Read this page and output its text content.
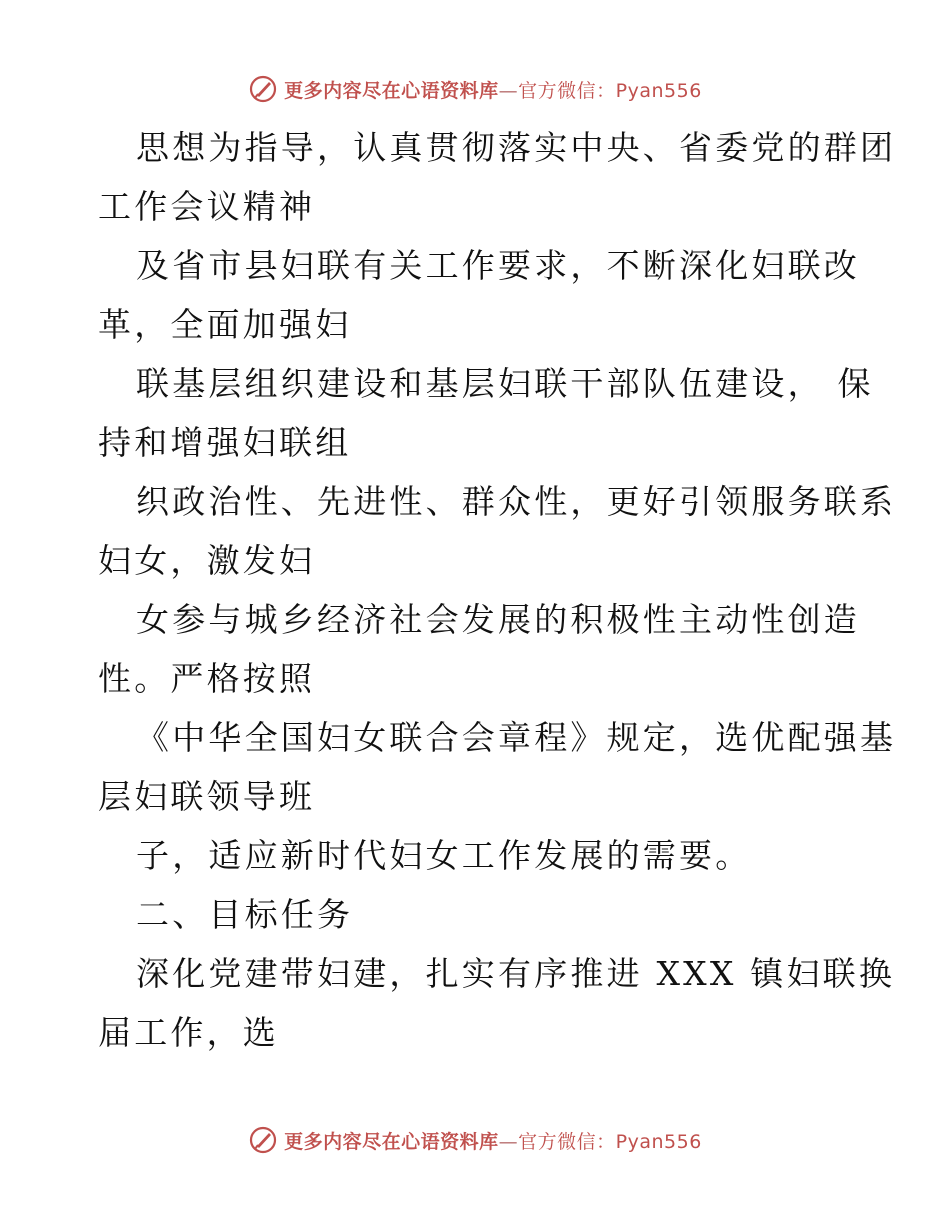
更多内容尽在心语资料库—官方微信：Pyan556
思想为指导，认真贯彻落实中央、省委党的群团
工作会议精神
及省市县妇联有关工作要求，不断深化妇联改
革，全面加强妇
联基层组织建设和基层妇联干部队伍建设， 保
持和增强妇联组
织政治性、先进性、群众性，更好引领服务联系
妇女，激发妇
女参与城乡经济社会发展的积极性主动性创造
性。严格按照
《中华全国妇女联合会章程》规定，选优配强基
层妇联领导班
子，适应新时代妇女工作发展的需要。
二、目标任务
深化党建带妇建，扎实有序推进 XXX 镇妇联换
届工作，选
更多内容尽在心语资料库—官方微信：Pyan556
